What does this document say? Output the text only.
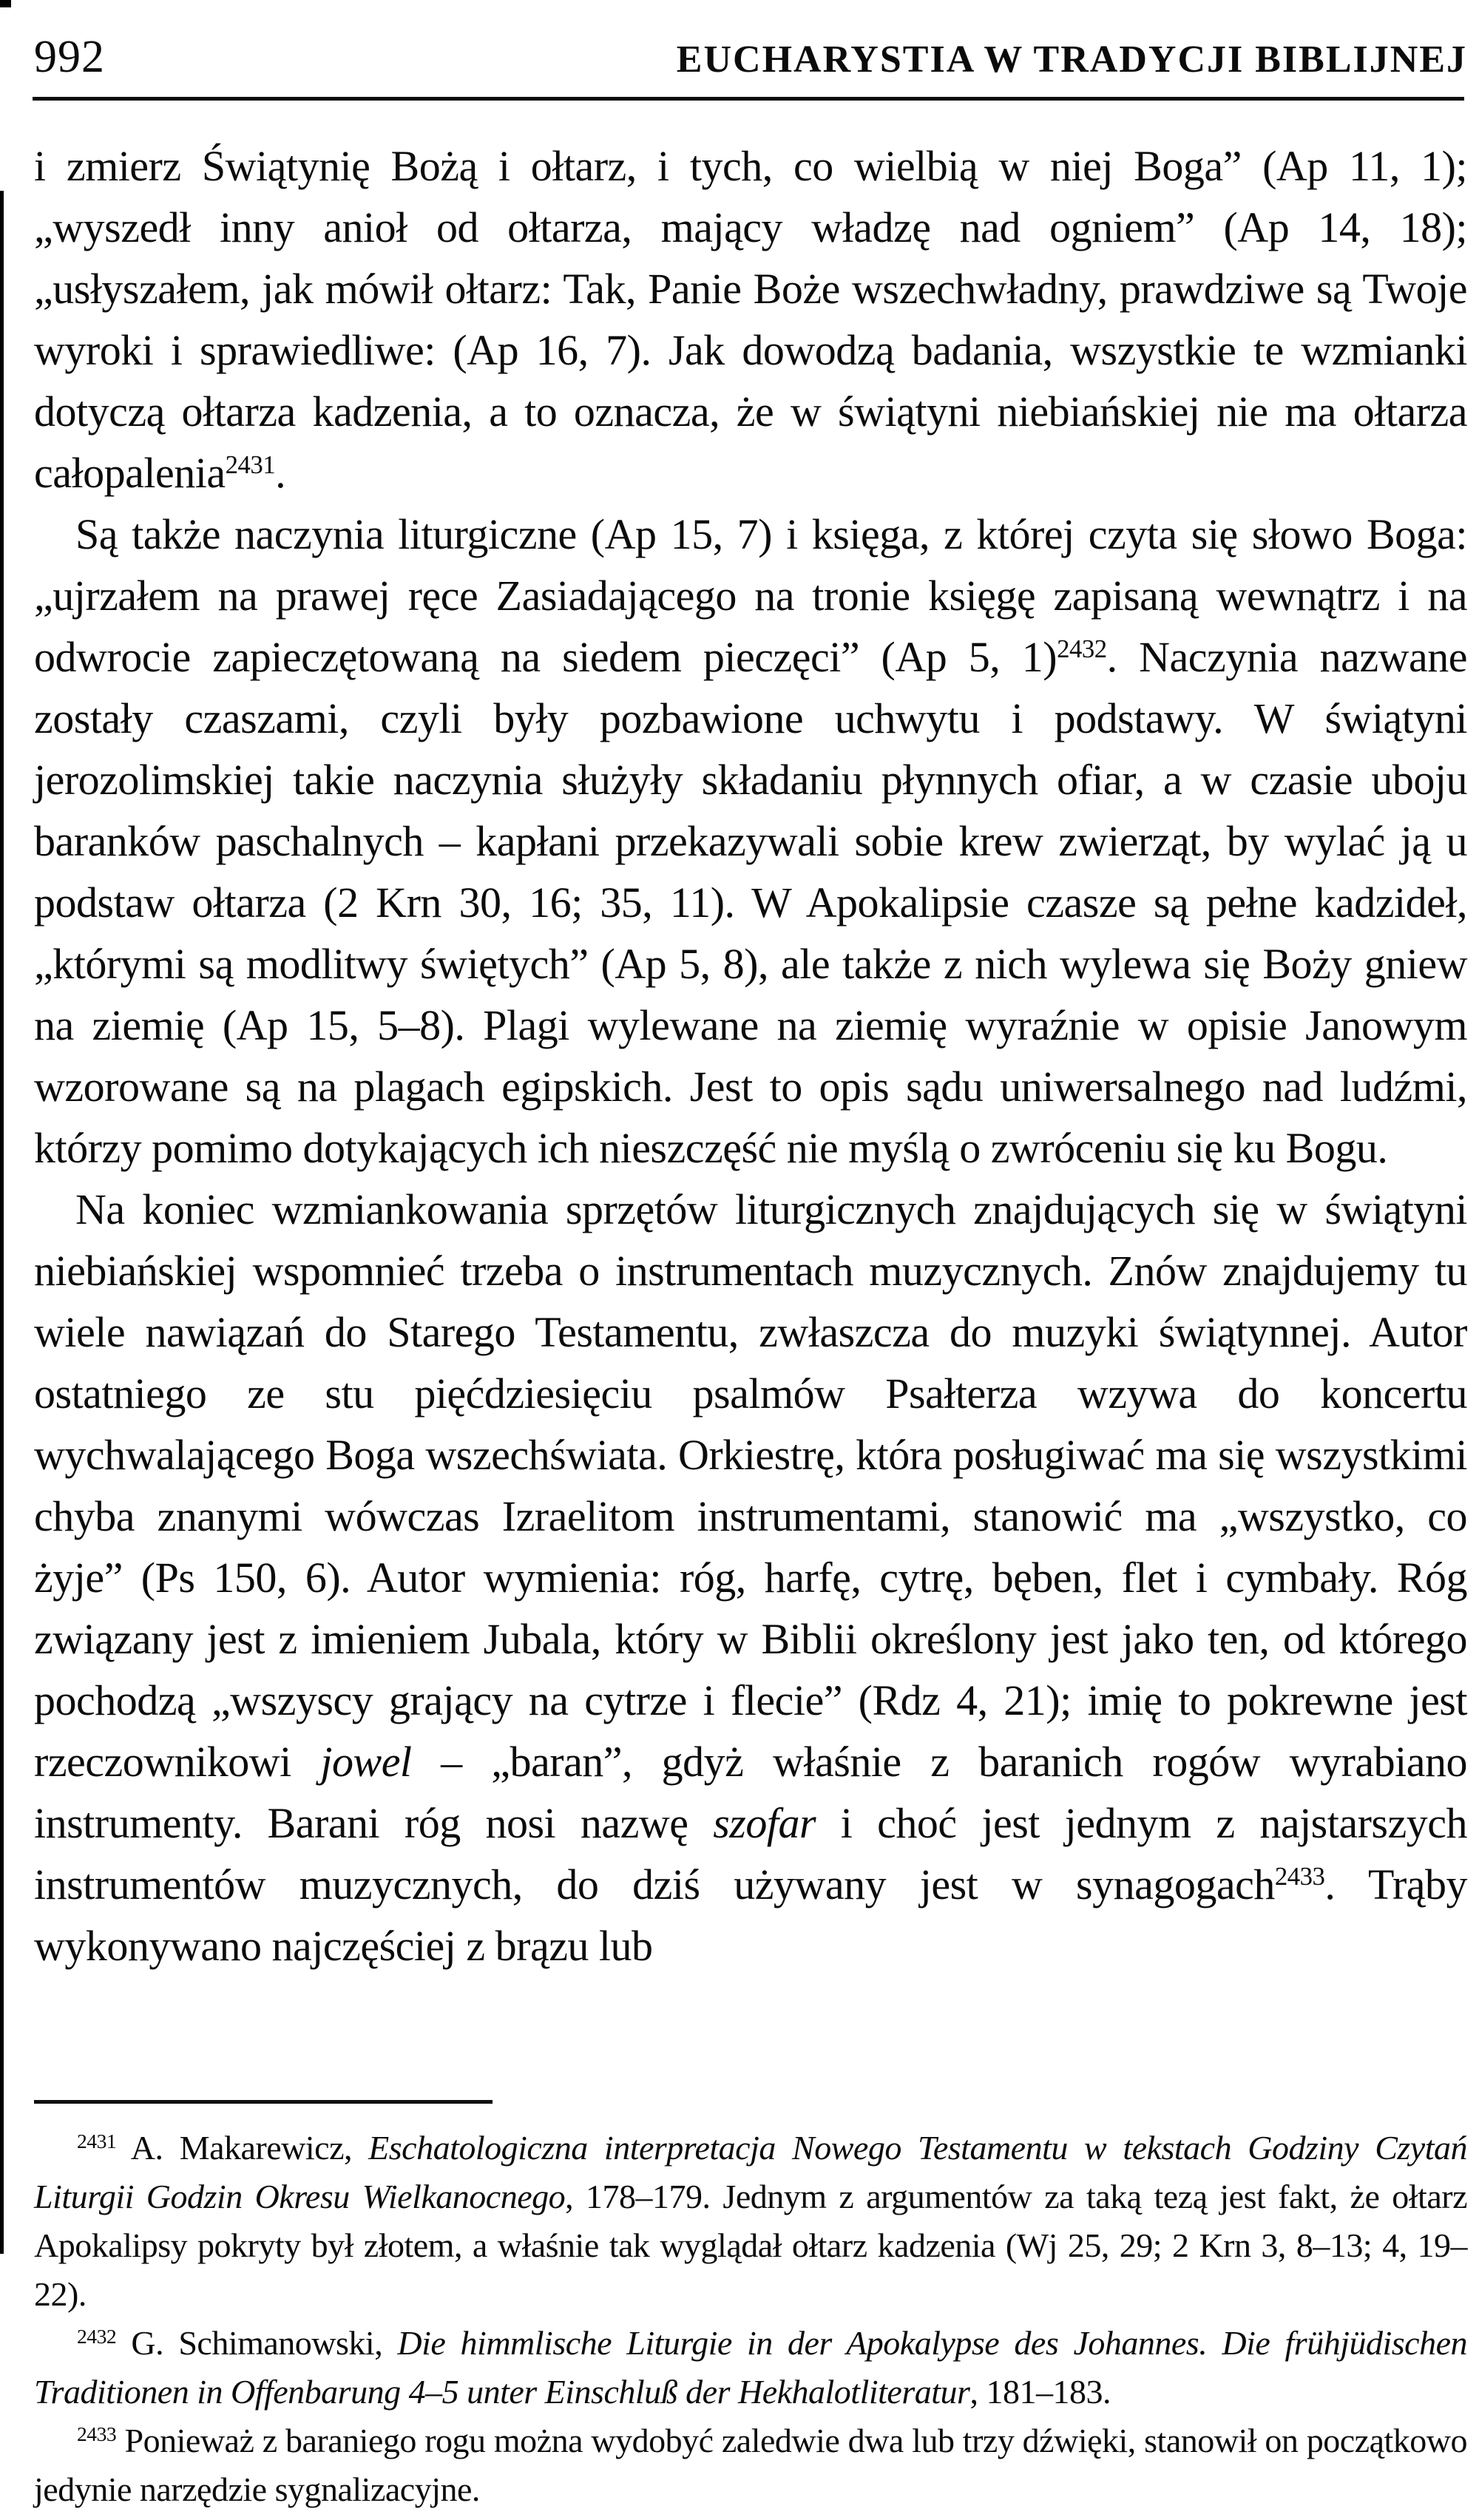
992	EUCHARYSTIA W TRADYCJI BIBLIJNEJ

i zmierz Świątynię Bożą i ołtarz, i tych, co wielbią w niej Boga” (Ap 11, 1); „wyszedł inny anioł od ołtarza, mający władzę nad ogniem” (Ap 14, 18); „usłyszałem, jak mówił ołtarz: Tak, Panie Boże wszechwładny, prawdziwe są Twoje wyroki i sprawiedliwe: (Ap 16, 7). Jak dowodzą badania, wszystkie te wzmianki dotyczą ołtarza kadzenia, a to oznacza, że w świątyni niebiańskiej nie ma ołtarza całopalenia$^{2431}$.

Są także naczynia liturgiczne (Ap 15, 7) i księga, z której czyta się słowo Boga: „ujrzałem na prawej ręce Zasiadającego na tronie księgę zapisaną wewnątrz i na odwrocie zapieczętowaną na siedem pieczęci” (Ap 5, 1)$^{2432}$. Naczynia nazwane zostały czaszami, czyli były pozbawione uchwytu i podstawy. W świątyni jerozolimskiej takie naczynia służyły składaniu płynnych ofiar, a w czasie uboju baranków paschalnych – kapłani przekazywali sobie krew zwierząt, by wylać ją u podstaw ołtarza (2 Krn 30, 16; 35, 11). W Apokalipsie czasze są pełne kadzideł, „którymi są modlitwy świętych” (Ap 5, 8), ale także z nich wylewa się Boży gniew na ziemię (Ap 15, 5–8). Plagi wylewane na ziemię wyraźnie w opisie Janowym wzorowane są na plagach egipskich. Jest to opis sądu uniwersalnego nad ludźmi, którzy pomimo dotykających ich nieszczęść nie myślą o zwróceniu się ku Bogu.

Na koniec wzmiankowania sprzętów liturgicznych znajdujących się w świątyni niebiańskiej wspomnieć trzeba o instrumentach muzycznych. Znów znajdujemy tu wiele nawiązań do Starego Testamentu, zwłaszcza do muzyki świątynnej. Autor ostatniego ze stu pięćdziesięciu psalmów Psałterza wzywa do koncertu wychwalającego Boga wszechświata. Orkiestrę, która posługiwać ma się wszystkimi chyba znanymi wówczas Izraelitom instrumentami, stanowić ma „wszystko, co żyje” (Ps 150, 6). Autor wymienia: róg, harfę, cytrę, bęben, flet i cymbały. Róg związany jest z imieniem Jubala, który w Biblii określony jest jako ten, od którego pochodzą „wszyscy grający na cytrze i flecie” (Rdz 4, 21); imię to pokrewne jest rzeczownikowi jowel – „baran”, gdyż właśnie z baranich rogów wyrabiano instrumenty. Barani róg nosi nazwę szofar i choć jest jednym z najstarszych instrumentów muzycznych, do dziś używany jest w synagogach$^{2433}$. Trąby wykonywano najczęściej z brązu lub

$^{2431}$ A. Makarewicz, Eschatologiczna interpretacja Nowego Testamentu w tekstach Godziny Czytań Liturgii Godzin Okresu Wielkanocnego, 178–179. Jednym z argumentów za taką tezą jest fakt, że ołtarz Apokalipsy pokryty był złotem, a właśnie tak wyglądał ołtarz kadzenia (Wj 25, 29; 2 Krn 3, 8–13; 4, 19–22).

$^{2432}$ G. Schimanowski, Die himmlische Liturgie in der Apokalypse des Johannes. Die frühjüdischen Traditionen in Offenbarung 4–5 unter Einschluß der Hekhalotliteratur, 181–183.

$^{2433}$ Ponieważ z baraniego rogu można wydobyć zaledwie dwa lub trzy dźwięki, stanowił on początkowo jedynie narzędzie sygnalizacyjne.
